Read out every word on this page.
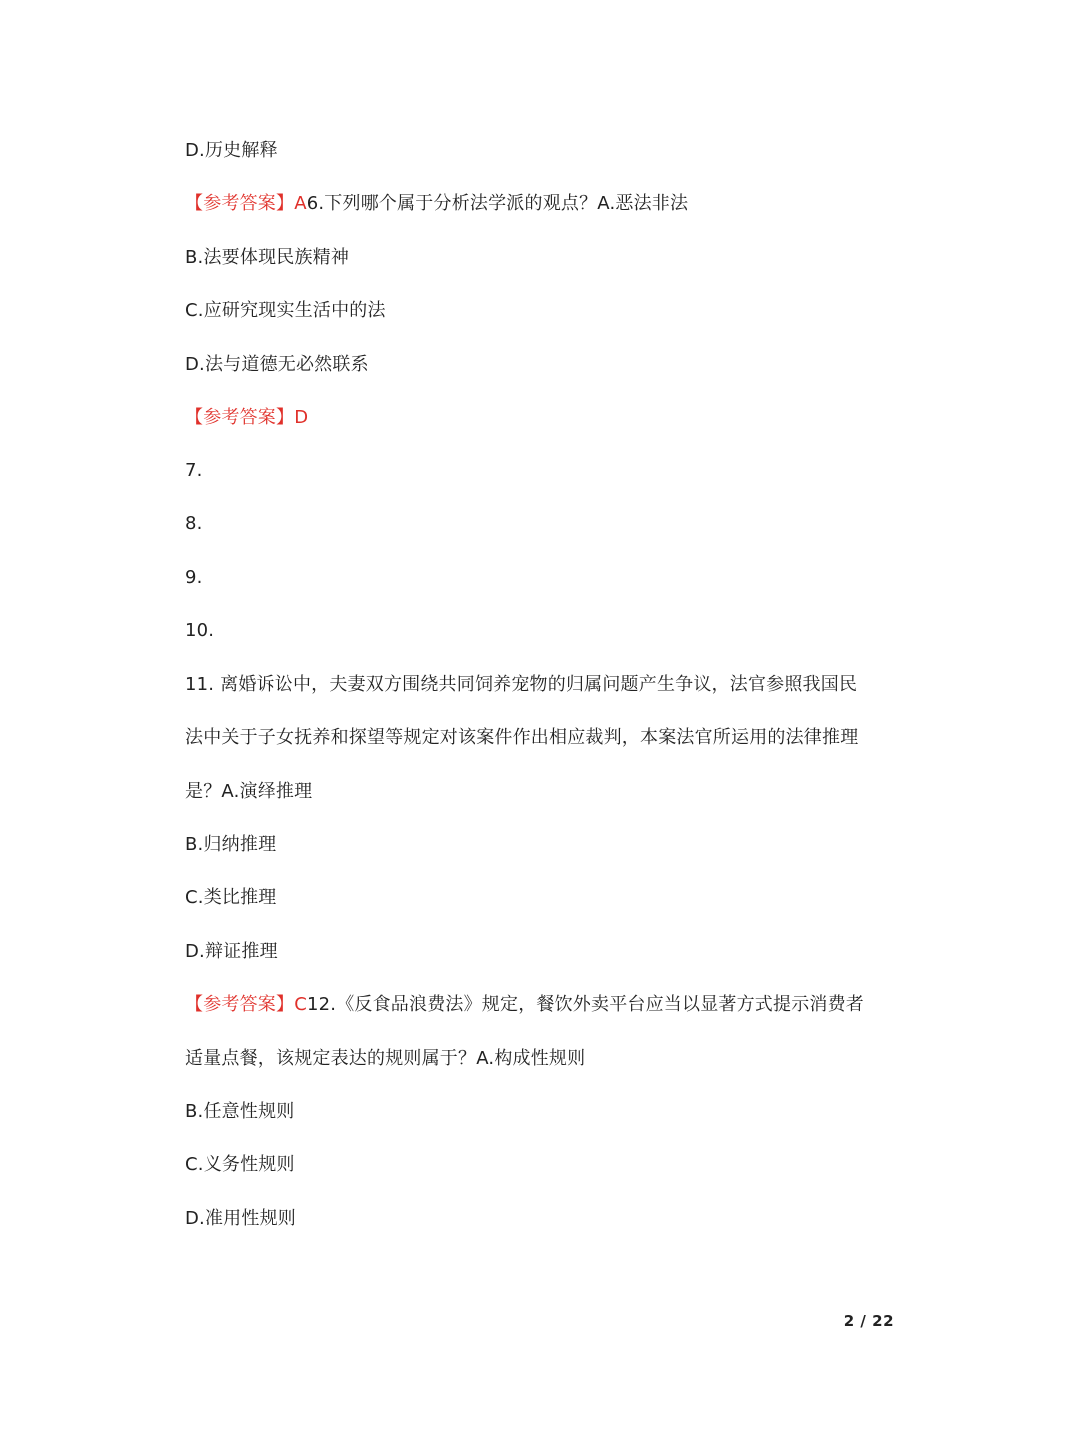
D.历史解释
【参考答案】A6.下列哪个属于分析法学派的观点？A.恶法非法
B.法要体现民族精神
C.应研究现实生活中的法
D.法与道德无必然联系
【参考答案】D
7.
8.
9.
10.
11. 离婚诉讼中，夫妻双方围绕共同饲养宠物的归属问题产生争议，法官参照我国民
法中关于子女抚养和探望等规定对该案件作出相应裁判，本案法官所运用的法律推理
是？A.演绎推理
B.归纳推理
C.类比推理
D.辩证推理
【参考答案】C12.《反食品浪费法》规定，餐饮外卖平台应当以显著方式提示消费者
适量点餐，该规定表达的规则属于？A.构成性规则
B.任意性规则
C.义务性规则
D.准用性规则
2 / 22
